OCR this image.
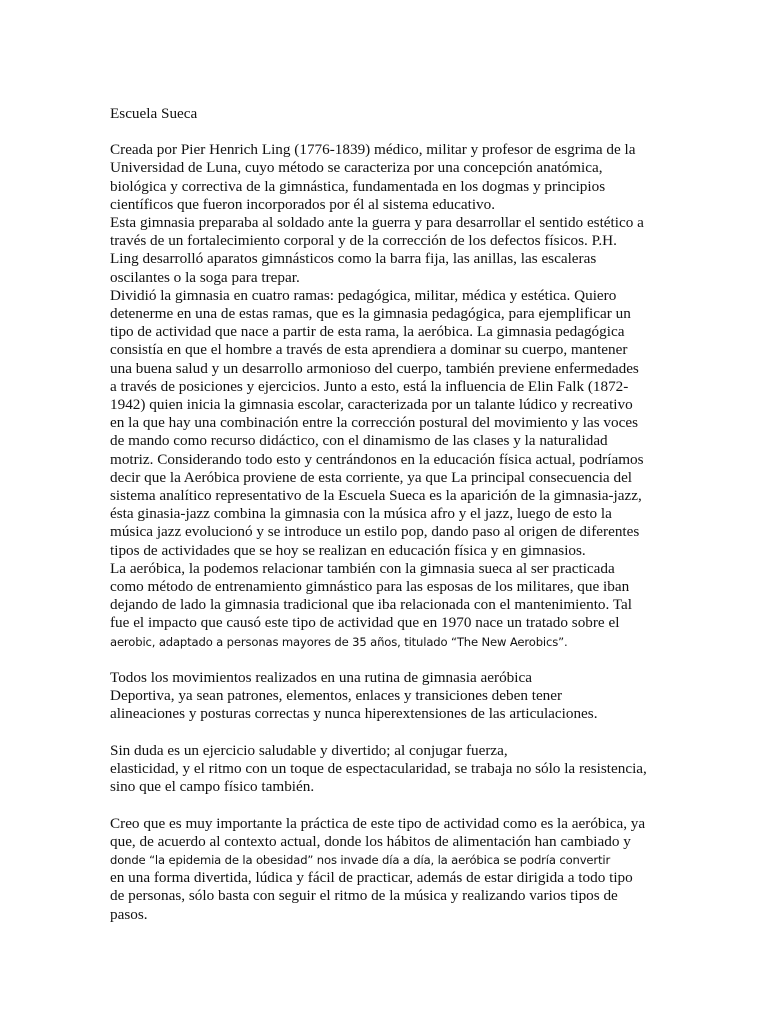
Escuela Sueca
Creada por Pier Henrich Ling (1776-1839) médico, militar y profesor de esgrima de la
Universidad de Luna, cuyo método se caracteriza por una concepción anatómica,
biológica y correctiva de la gimnástica, fundamentada en los dogmas y principios
científicos que fueron incorporados por él al sistema educativo.
Esta gimnasia preparaba al soldado ante la guerra y para desarrollar el sentido estético a
través de un fortalecimiento corporal y de la corrección de los defectos físicos. P.H.
Ling desarrolló aparatos gimnásticos como la barra fija, las anillas, las escaleras
oscilantes o la soga para trepar.
Dividió la gimnasia en cuatro ramas: pedagógica, militar, médica y estética. Quiero
detenerme en una de estas ramas, que es la gimnasia pedagógica, para ejemplificar un
tipo de actividad que nace a partir de esta rama, la aeróbica. La gimnasia pedagógica
consistía en que el hombre a través de esta aprendiera a dominar su cuerpo, mantener
una buena salud y un desarrollo armonioso del cuerpo, también previene enfermedades
a través de posiciones y ejercicios. Junto a esto, está la influencia de Elin Falk (1872-
1942) quien inicia la gimnasia escolar, caracterizada por un talante lúdico y recreativo
en la que hay una combinación entre la corrección postural del movimiento y las voces
de mando como recurso didáctico, con el dinamismo de las clases y la naturalidad
motriz. Considerando todo esto y centrándonos en la educación física actual, podríamos
decir que la Aeróbica proviene de esta corriente, ya que La principal consecuencia del
sistema analítico representativo de la Escuela Sueca es la aparición de la gimnasia-jazz,
ésta ginasia-jazz combina la gimnasia con la música afro y el jazz, luego de esto la
música jazz evolucionó y se introduce un estilo pop, dando paso al origen de diferentes
tipos de actividades que se hoy se realizan en educación física y en gimnasios.
La aeróbica, la podemos relacionar también con la gimnasia sueca al ser practicada
como método de entrenamiento gimnástico para las esposas de los militares, que iban
dejando de lado la gimnasia tradicional que iba relacionada con el mantenimiento. Tal
fue el impacto que causó este tipo de actividad que en 1970 nace un tratado sobre el
aerobic, adaptado a personas mayores de 35 años, titulado “The New Aerobics”.
Todos los movimientos realizados en una rutina de gimnasia aeróbica
Deportiva, ya sean patrones, elementos, enlaces y transiciones deben tener
alineaciones y posturas correctas y nunca hiperextensiones de las articulaciones.
Sin duda es un ejercicio saludable y divertido; al conjugar fuerza,
elasticidad, y el ritmo con un toque de espectacularidad, se trabaja no sólo la resistencia,
sino que el campo físico también.
Creo que es muy importante la práctica de este tipo de actividad como es la aeróbica, ya
que, de acuerdo al contexto actual, donde los hábitos de alimentación han cambiado y
donde “la epidemia de la obesidad” nos invade día a día, la aeróbica se podría convertir
en una forma divertida, lúdica y fácil de practicar, además de estar dirigida a todo tipo
de personas, sólo basta con seguir el ritmo de la música y realizando varios tipos de
pasos.
